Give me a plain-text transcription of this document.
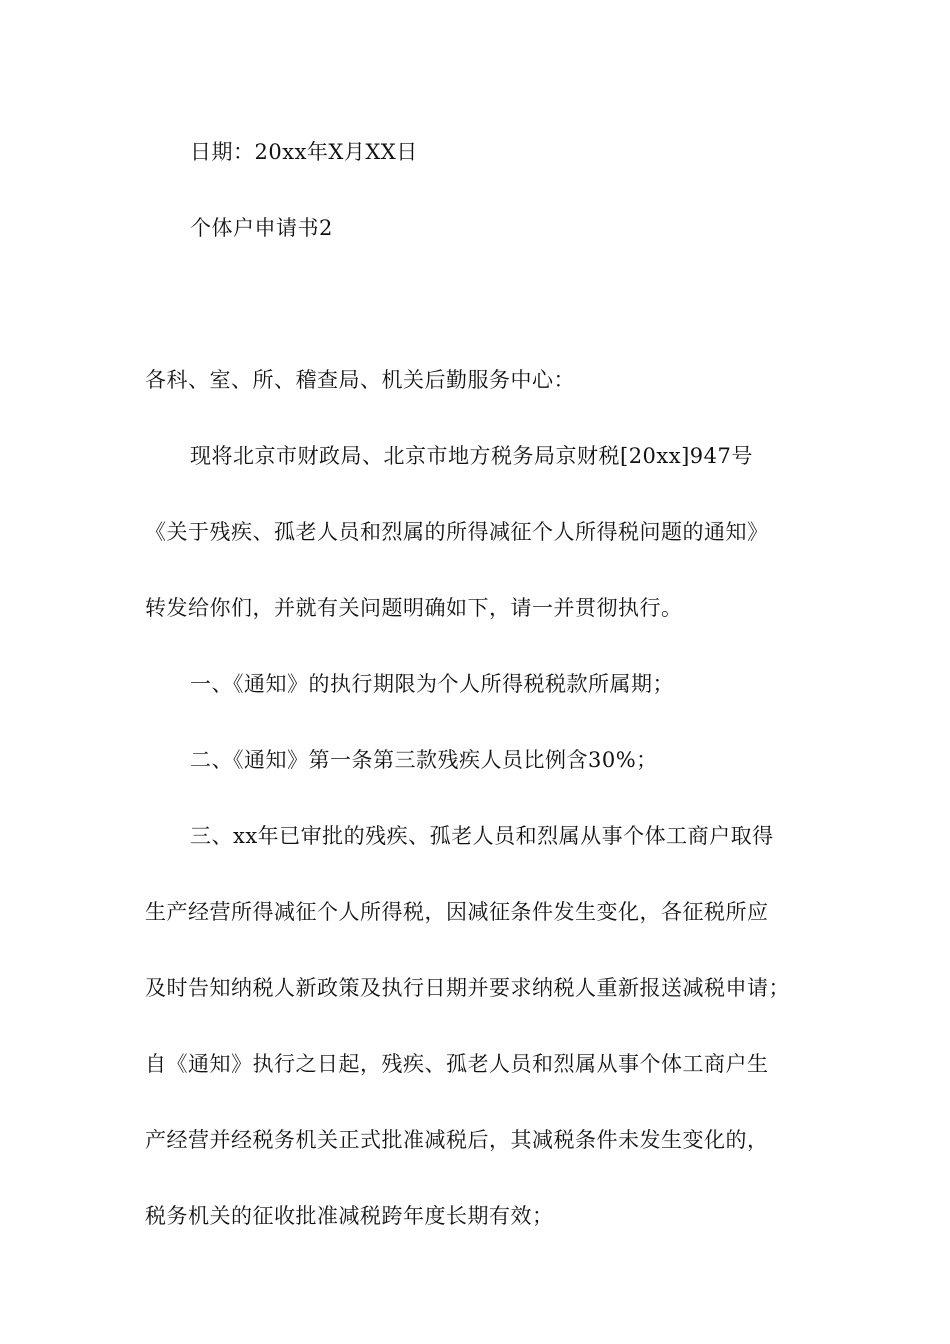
日期：20xx年X月XX日
个体户申请书2
各科、室、所、稽查局、机关后勤服务中心：
现将北京市财政局、北京市地方税务局京财税[20xx]947号
《关于残疾、孤老人员和烈属的所得减征个人所得税问题的通知》
转发给你们，并就有关问题明确如下，请一并贯彻执行。
一、《通知》的执行期限为个人所得税税款所属期；
二、《通知》第一条第三款残疾人员比例含30%；
三、xx年已审批的残疾、孤老人员和烈属从事个体工商户取得
生产经营所得减征个人所得税，因减征条件发生变化，各征税所应
及时告知纳税人新政策及执行日期并要求纳税人重新报送减税申请；
自《通知》执行之日起，残疾、孤老人员和烈属从事个体工商户生
产经营并经税务机关正式批准减税后，其减税条件未发生变化的，
税务机关的征收批准减税跨年度长期有效；
